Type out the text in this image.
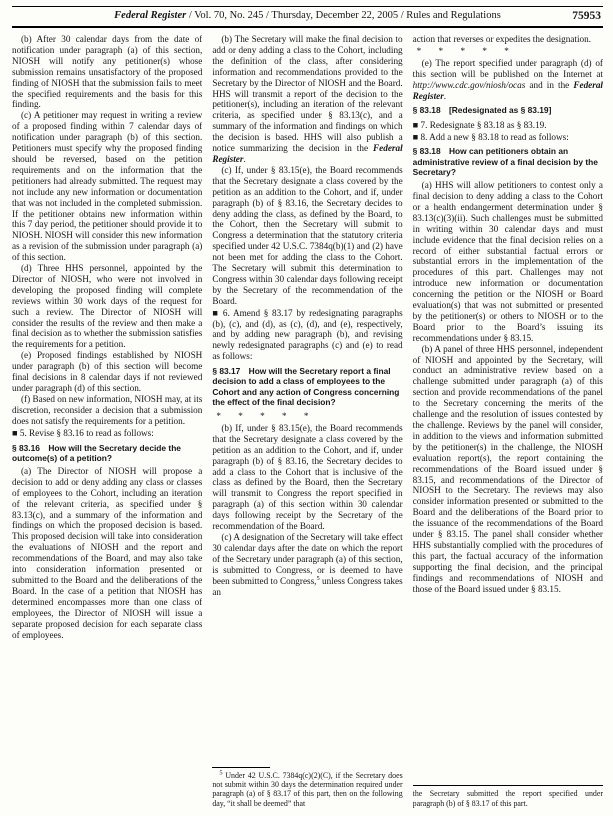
Federal Register / Vol. 70, No. 245 / Thursday, December 22, 2005 / Rules and Regulations	75953

(b) After 30 calendar days from the date of notification under paragraph (a) of this section, NIOSH will notify any petitioner(s) whose submission remains unsatisfactory of the proposed finding of NIOSH that the submission fails to meet the specified requirements and the basis for this finding.

(c) A petitioner may request in writing a review of a proposed finding within 7 calendar days of notification under paragraph (b) of this section. Petitioners must specify why the proposed finding should be reversed, based on the petition requirements and on the information that the petitioners had already submitted. The request may not include any new information or documentation that was not included in the completed submission. If the petitioner obtains new information within this 7 day period, the petitioner should provide it to NIOSH. NIOSH will consider this new information as a revision of the submission under paragraph (a) of this section.

(d) Three HHS personnel, appointed by the Director of NIOSH, who were not involved in developing the proposed finding will complete reviews within 30 work days of the request for such a review. The Director of NIOSH will consider the results of the review and then make a final decision as to whether the submission satisfies the requirements for a petition.

(e) Proposed findings established by NIOSH under paragraph (b) of this section will become final decisions in 8 calendar days if not reviewed under paragraph (d) of this section.

(f) Based on new information, NIOSH may, at its discretion, reconsider a decision that a submission does not satisfy the requirements for a petition.

■ 5. Revise § 83.16 to read as follows:

§ 83.16 How will the Secretary decide the outcome(s) of a petition?

(a) The Director of NIOSH will propose a decision to add or deny adding any class or classes of employees to the Cohort, including an iteration of the relevant criteria, as specified under § 83.13(c), and a summary of the information and findings on which the proposed decision is based. This proposed decision will take into consideration the evaluations of NIOSH and the report and recommendations of the Board, and may also take into consideration information presented or submitted to the Board and the deliberations of the Board. In the case of a petition that NIOSH has determined encompasses more than one class of employees, the Director of NIOSH will issue a separate proposed decision for each separate class of employees.

(b) The Secretary will make the final decision to add or deny adding a class to the Cohort, including the definition of the class, after considering information and recommendations provided to the Secretary by the Director of NIOSH and the Board. HHS will transmit a report of the decision to the petitioner(s), including an iteration of the relevant criteria, as specified under § 83.13(c), and a summary of the information and findings on which the decision is based. HHS will also publish a notice summarizing the decision in the Federal Register.

(c) If, under § 83.15(e), the Board recommends that the Secretary designate a class covered by the petition as an addition to the Cohort, and if, under paragraph (b) of § 83.16, the Secretary decides to deny adding the class, as defined by the Board, to the Cohort, then the Secretary will submit to Congress a determination that the statutory criteria specified under 42 U.S.C. 7384q(b)(1) and (2) have not been met for adding the class to the Cohort. The Secretary will submit this determination to Congress within 30 calendar days following receipt by the Secretary of the recommendation of the Board.

■ 6. Amend § 83.17 by redesignating paragraphs (b), (c), and (d), as (c), (d), and (e), respectively, and by adding new paragraph (b), and revising newly redesignated paragraphs (c) and (e) to read as follows:

§ 83.17 How will the Secretary report a final decision to add a class of employees to the Cohort and any action of Congress concerning the effect of the final decision?

* * * * *

(b) If, under § 83.15(e), the Board recommends that the Secretary designate a class covered by the petition as an addition to the Cohort, and if, under paragraph (b) of § 83.16, the Secretary decides to add a class to the Cohort that is inclusive of the class as defined by the Board, then the Secretary will transmit to Congress the report specified in paragraph (a) of this section within 30 calendar days following receipt by the Secretary of the recommendation of the Board.

(c) A designation of the Secretary will take effect 30 calendar days after the date on which the report of the Secretary under paragraph (a) of this section, is submitted to Congress, or is deemed to have been submitted to Congress,$^5$ unless Congress takes an

$^5$ Under 42 U.S.C. 7384q(c)(2)(C), if the Secretary does not submit within 30 days the determination required under paragraph (a) of § 83.17 of this part, then on the following day, “it shall be deemed” that

action that reverses or expedites the designation.

* * * * *

(e) The report specified under paragraph (d) of this section will be published on the Internet at http://www.cdc.gov/niosh/ocas and in the Federal Register.

§ 83.18 [Redesignated as § 83.19]

■ 7. Redesignate § 83.18 as § 83.19.

■ 8. Add a new § 83.18 to read as follows:

§ 83.18 How can petitioners obtain an administrative review of a final decision by the Secretary?

(a) HHS will allow petitioners to contest only a final decision to deny adding a class to the Cohort or a health endangerment determination under § 83.13(c)(3)(ii). Such challenges must be submitted in writing within 30 calendar days and must include evidence that the final decision relies on a record of either substantial factual errors or substantial errors in the implementation of the procedures of this part. Challenges may not introduce new information or documentation concerning the petition or the NIOSH or Board evaluation(s) that was not submitted or presented by the petitioner(s) or others to NIOSH or to the Board prior to the Board’s issuing its recommendations under § 83.15.

(b) A panel of three HHS personnel, independent of NIOSH and appointed by the Secretary, will conduct an administrative review based on a challenge submitted under paragraph (a) of this section and provide recommendations of the panel to the Secretary concerning the merits of the challenge and the resolution of issues contested by the challenge. Reviews by the panel will consider, in addition to the views and information submitted by the petitioner(s) in the challenge, the NIOSH evaluation report(s), the report containing the recommendations of the Board issued under § 83.15, and recommendations of the Director of NIOSH to the Secretary. The reviews may also consider information presented or submitted to the Board and the deliberations of the Board prior to the issuance of the recommendations of the Board under § 83.15. The panel shall consider whether HHS substantially complied with the procedures of this part, the factual accuracy of the information supporting the final decision, and the principal findings and recommendations of NIOSH and those of the Board issued under § 83.15.

the Secretary submitted the report specified under paragraph (b) of § 83.17 of this part.
